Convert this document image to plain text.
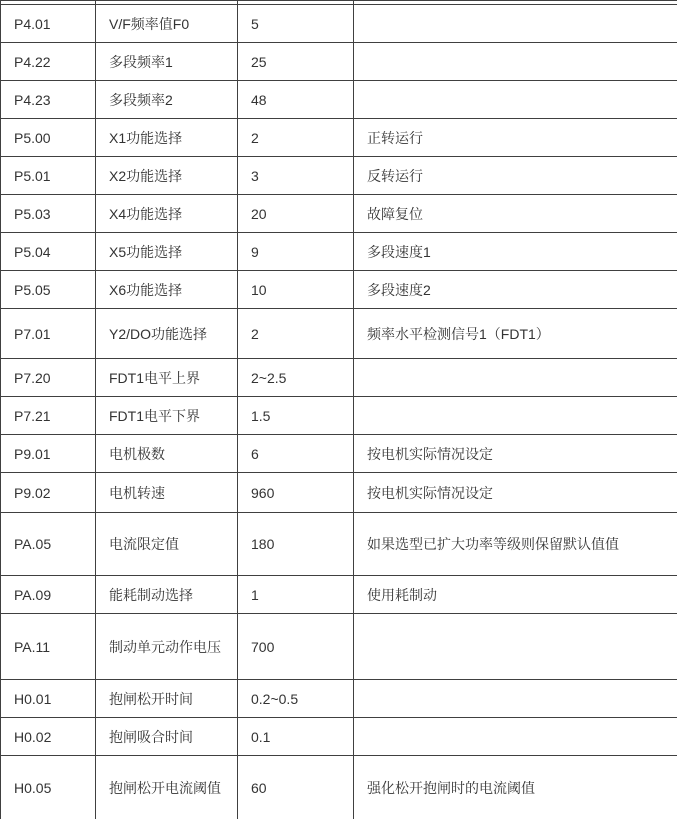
P4.01	V/F频率值F0	5	
P4.22	多段频率1	25	
P4.23	多段频率2	48	
P5.00	X1功能选择	2	正转运行
P5.01	X2功能选择	3	反转运行
P5.03	X4功能选择	20	故障复位
P5.04	X5功能选择	9	多段速度1
P5.05	X6功能选择	10	多段速度2
P7.01	Y2/DO功能选择	2	频率水平检测信号1（FDT1）
P7.20	FDT1电平上界	2~2.5	
P7.21	FDT1电平下界	1.5	
P9.01	电机极数	6	按电机实际情况设定
P9.02	电机转速	960	按电机实际情况设定
PA.05	电流限定值	180	如果选型已扩大功率等级则保留默认值值
PA.09	能耗制动选择	1	使用耗制动
PA.11	制动单元动作电压	700	
H0.01	抱闸松开时间	0.2~0.5	
H0.02	抱闸吸合时间	0.1	
H0.05	抱闸松开电流阈值	60	强化松开抱闸时的电流阈值
